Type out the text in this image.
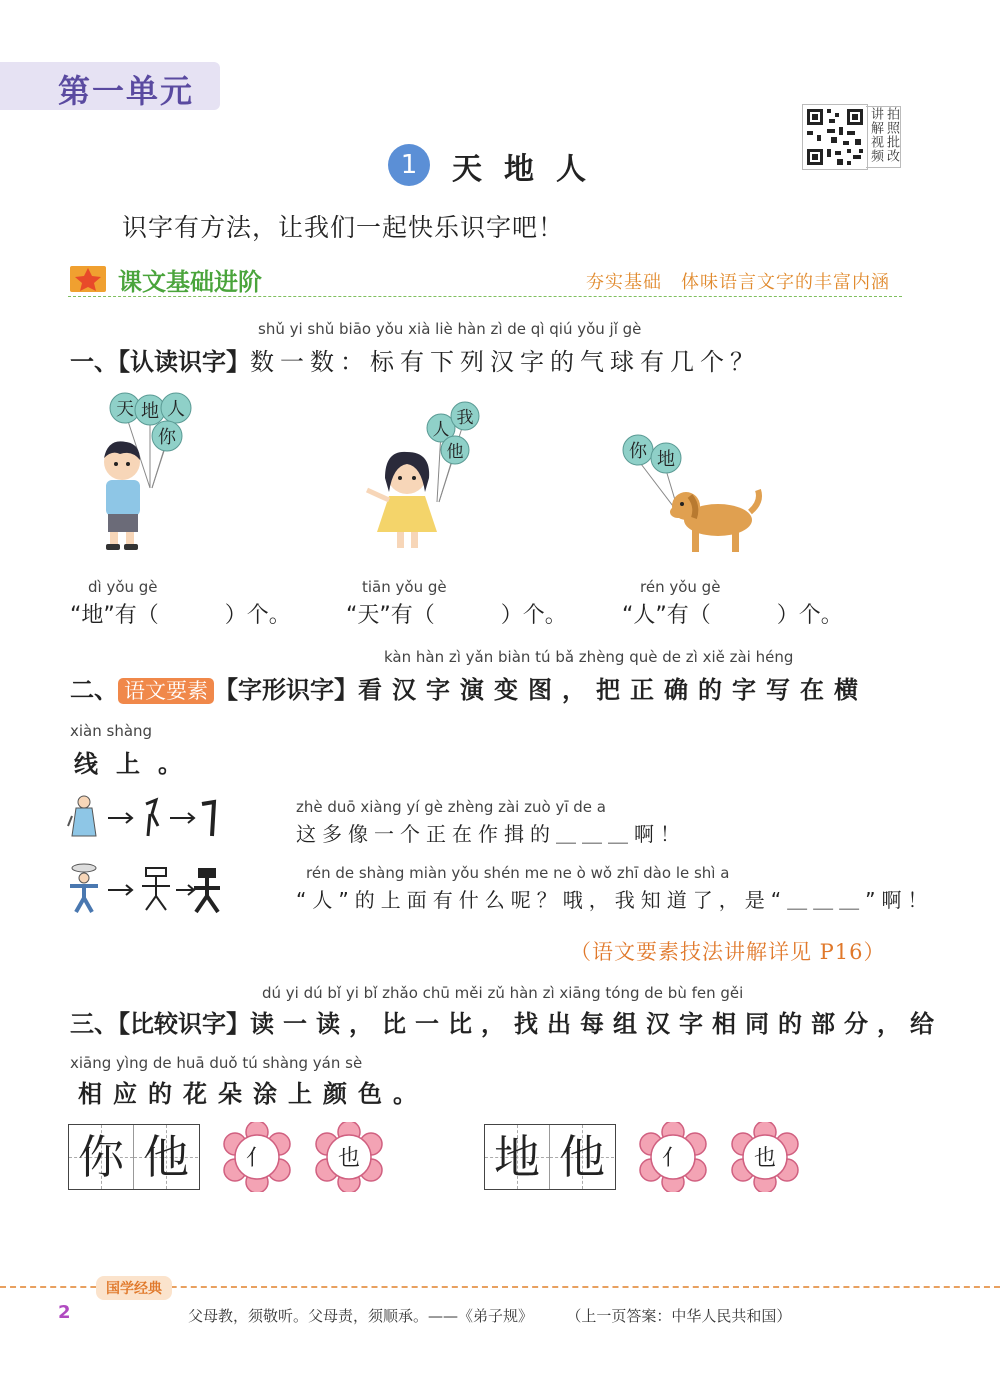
第一单元
拍照批改
讲解视频
1	天地人
识字有方法，让我们一起快乐识字吧！
课文基础进阶	夯实基础　体味语言文字的丰富内涵
shǔ yi shǔ biāo yǒu xià liè hàn zì de qì qiú yǒu jǐ gè
一、【认读识字】数一数：标有下列汉字的气球有几个？
天 地 人
你
我
人
他	你 地
dì yǒu gè
“地”有（　　　）个。
tiān yǒu gè
“天”有（　　　）个。
rén yǒu gè
“人”有（　　　）个。
kàn hàn zì yǎn biàn tú bǎ zhèng què de zì xiě zài héng
二、 语文要素 【字形识字】看汉字演变图，把正确的字写在横
xiàn shàng
线上。
zhè duō xiàng yí gè zhèng zài zuò yī de a
这多像一个正在作揖的＿＿＿啊！
rén de shàng miàn yǒu shén me ne ò wǒ zhī dào le shì a
“人”的上面有什么呢？哦，我知道了，是“＿＿＿”啊！
（语文要素技法讲解详见 P16）
dú yi dú bǐ yi bǐ zhǎo chū měi zǔ hàn zì xiāng tóng de bù fen gěi
三、【比较识字】读一读，比一比，找出每组汉字相同的部分，给
xiāng yìng de huā duǒ tú shàng yán sè
相应的花朵涂上颜色。
你 他	亻	也	地 他	亻	也
国学经典
2	父母教，须敬听。父母责，须顺承。——《弟子规》 （上一页答案：中华人民共和国）
